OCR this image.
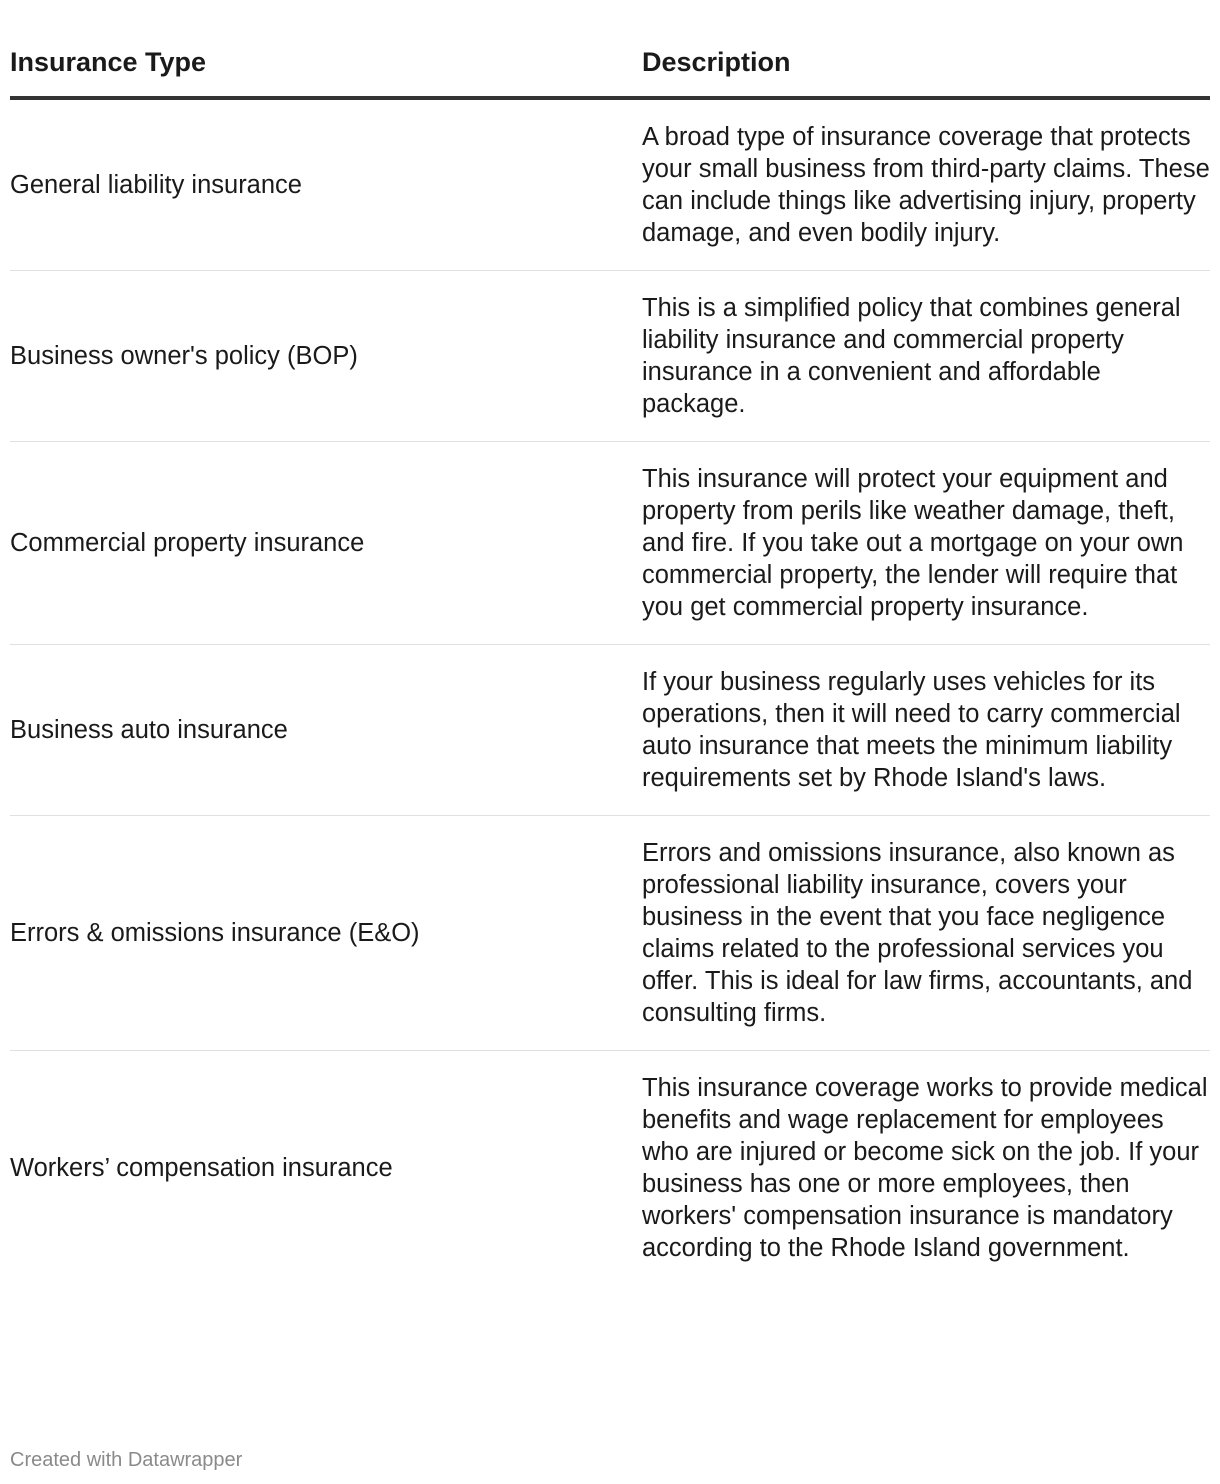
Insurance Type	Description
General liability insurance	A broad type of insurance coverage that protects your small business from third-party claims. These can include things like advertising injury, property damage, and even bodily injury.
Business owner's policy (BOP)	This is a simplified policy that combines general liability insurance and commercial property insurance in a convenient and affordable package.
Commercial property insurance	This insurance will protect your equipment and property from perils like weather damage, theft, and fire. If you take out a mortgage on your own commercial property, the lender will require that you get commercial property insurance.
Business auto insurance	If your business regularly uses vehicles for its operations, then it will need to carry commercial auto insurance that meets the minimum liability requirements set by Rhode Island's laws.
Errors & omissions insurance (E&O)	Errors and omissions insurance, also known as professional liability insurance, covers your business in the event that you face negligence claims related to the professional services you offer. This is ideal for law firms, accountants, and consulting firms.
Workers’ compensation insurance	This insurance coverage works to provide medical benefits and wage replacement for employees who are injured or become sick on the job. If your business has one or more employees, then workers' compensation insurance is mandatory according to the Rhode Island government.
Created with Datawrapper
